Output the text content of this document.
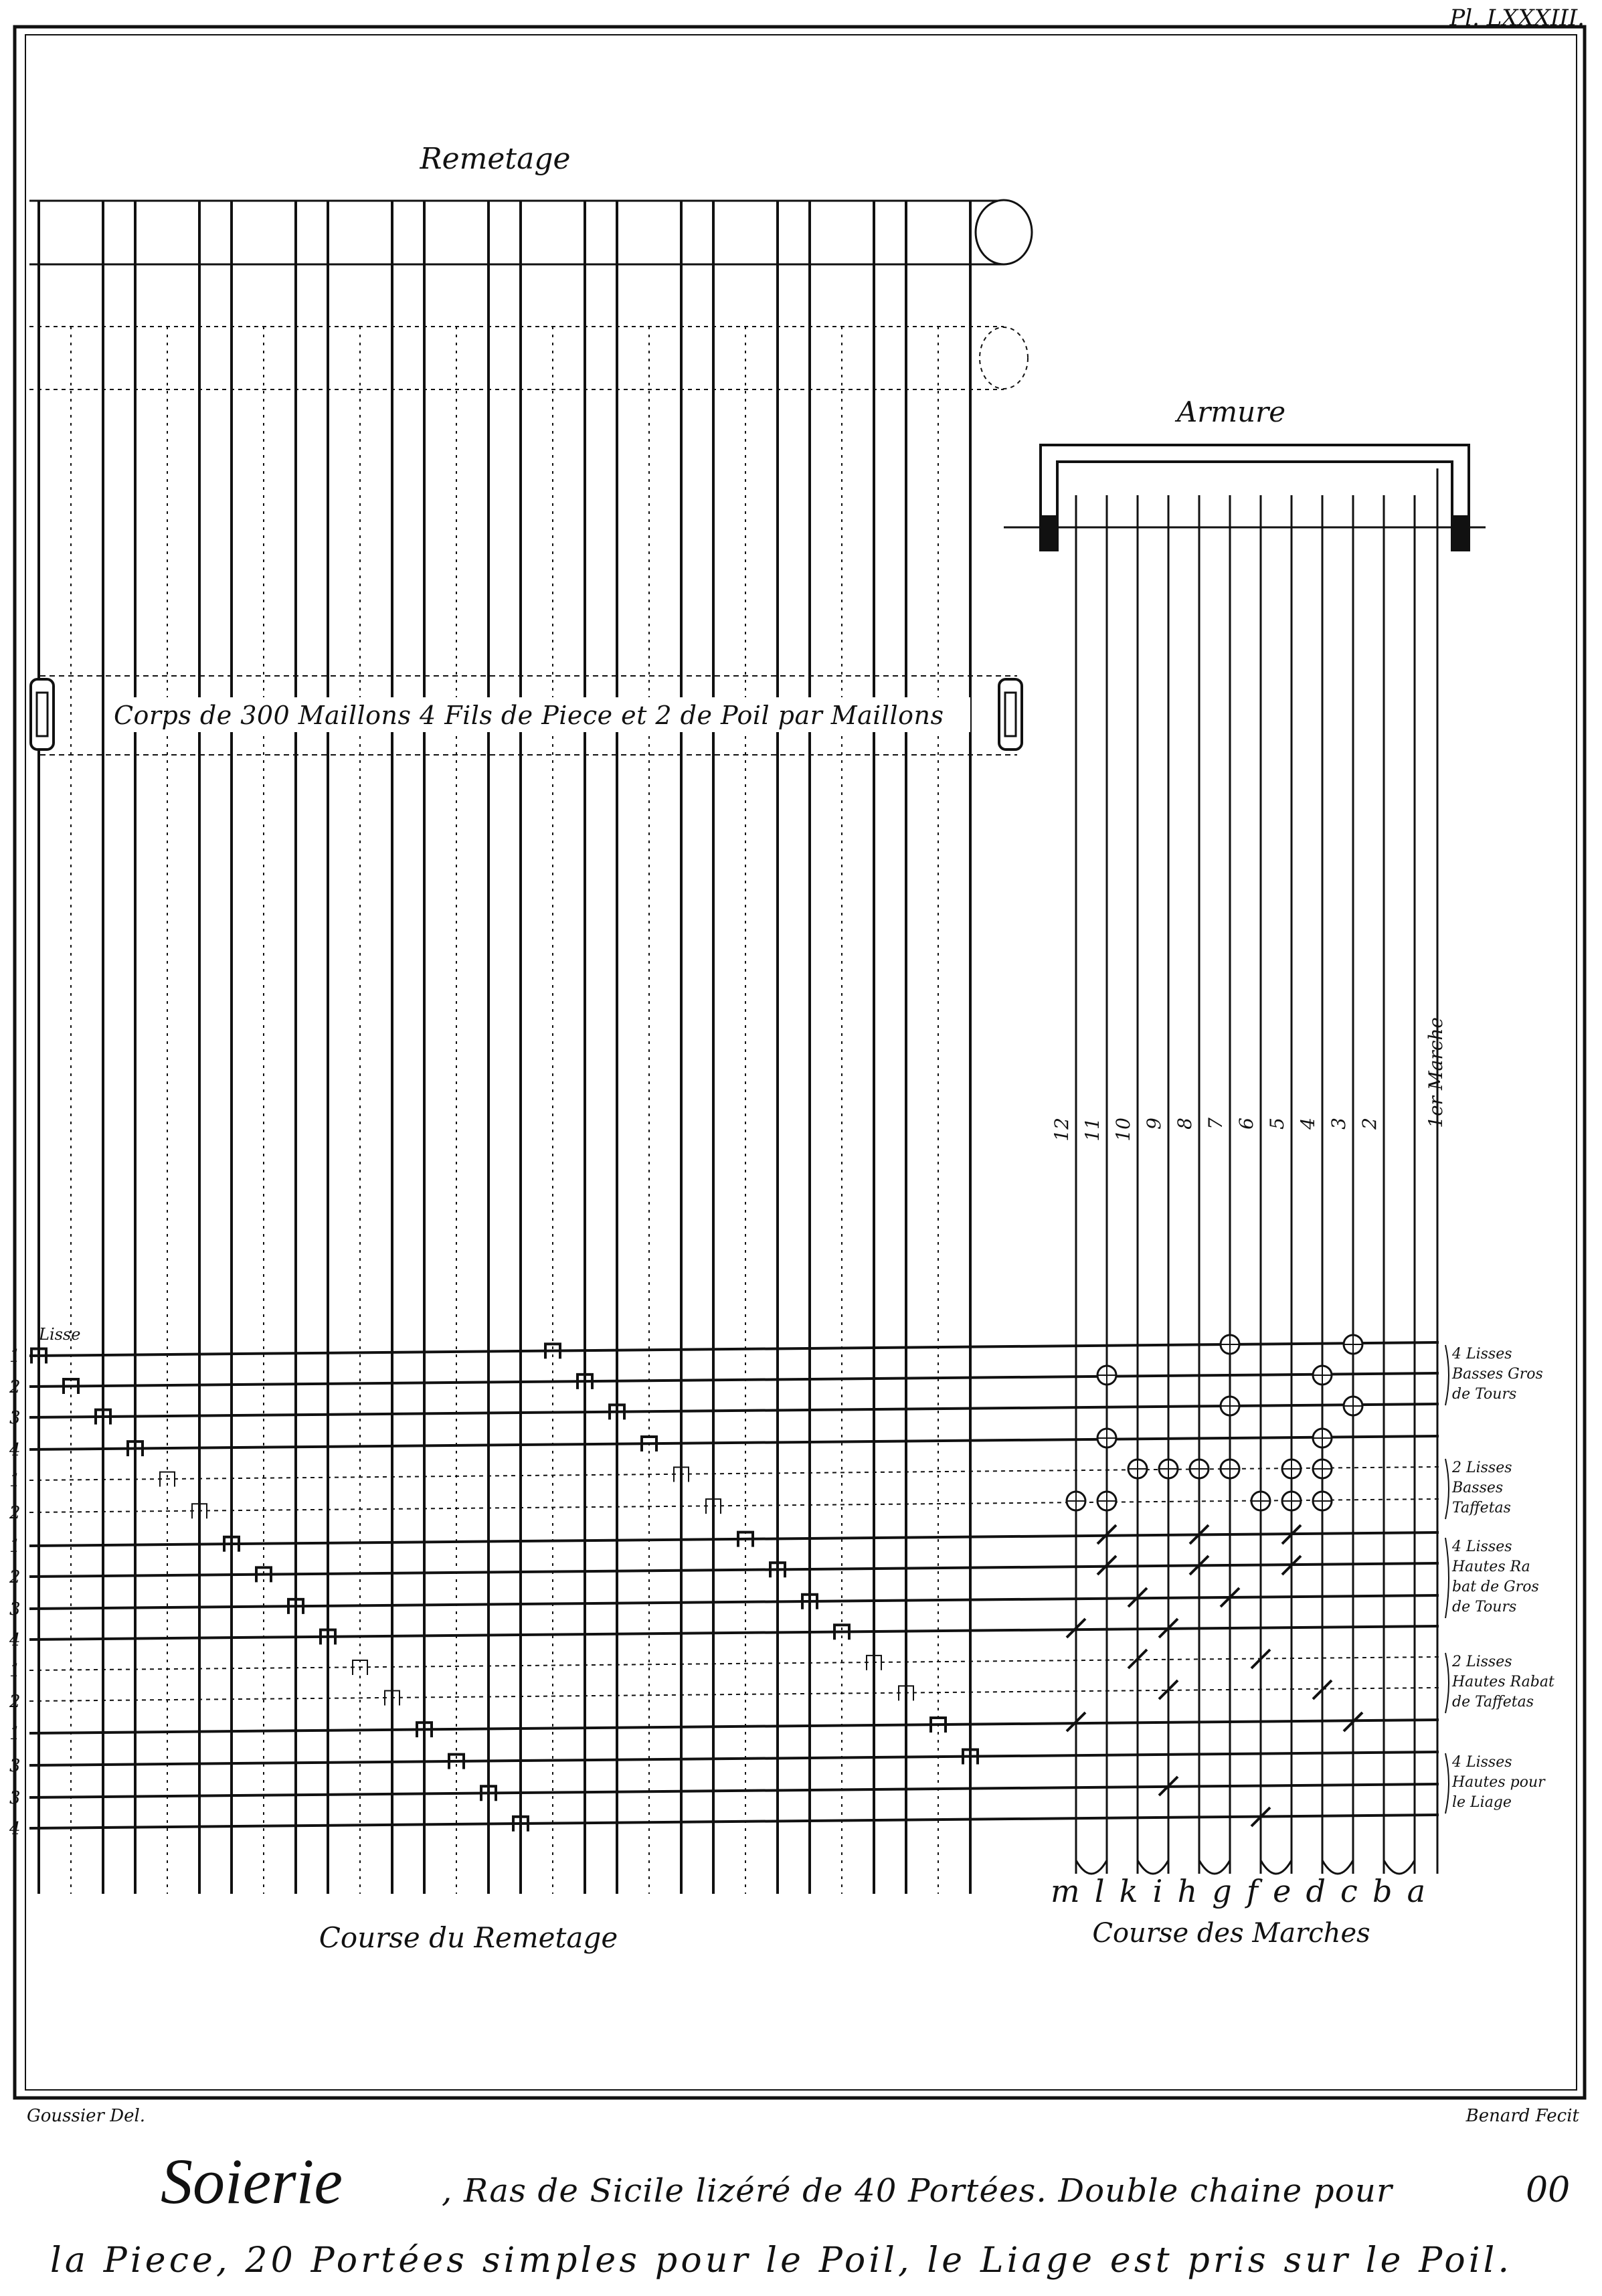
Pl. LXXXIII.
Remetage
Corps de 300 Maillons 4 Fils de Piece et 2 de Poil par Maillons
Armure
12 11 10 9 8 7 6 5 4 3 2 1er Marche
Lisse
1
2
3
4
1
2
1
2
3
4
1
2
1
3
3
4
4 Lisses
Basses Gros
de Tours
2 Lisses
Basses
Taffetas
4 Lisses
Hautes Ra
bat de Gros
de Tours
2 Lisses
Hautes Rabat
de Taffetas
4 Lisses
Hautes pour
le Liage
Course du Remetage
m l k i h g f e d c b a
Course des Marches
Goussier Del.	Benard Fecit
Soierie	, Ras de Sicile lizéré de 40 Portées. Double chaine pour	00
la Piece, 20 Portées simples pour le Poil, le Liage est pris sur le Poil.
